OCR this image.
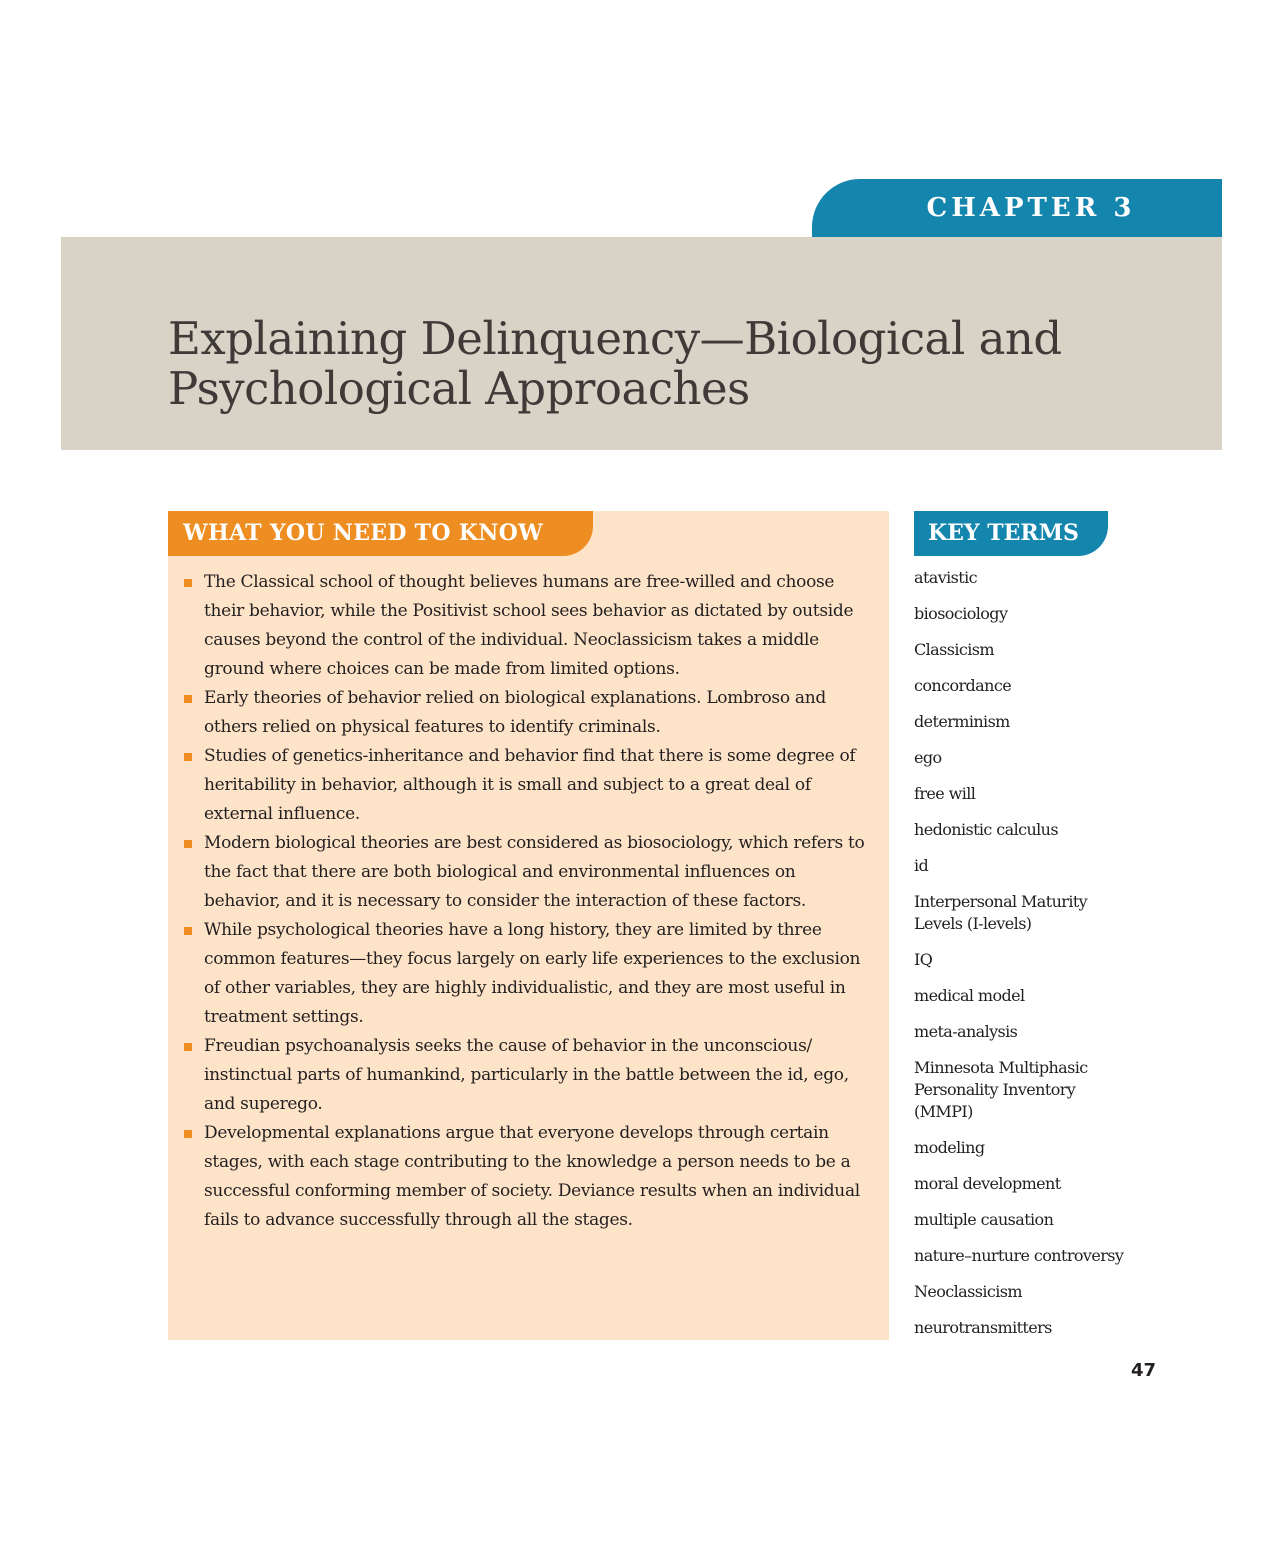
CHAPTER 3
Explaining Delinquency—Biological and
Psychological Approaches
WHAT YOU NEED TO KNOW
The Classical school of thought believes humans are free-willed and choose their behavior, while the Positivist school sees behavior as dictated by outside causes beyond the control of the individual. Neoclassicism takes a middle ground where choices can be made from limited options.
Early theories of behavior relied on biological explanations. Lombroso and others relied on physical features to identify criminals.
Studies of genetics-inheritance and behavior find that there is some degree of heritability in behavior, although it is small and subject to a great deal of external influence.
Modern biological theories are best considered as biosociology, which refers to the fact that there are both biological and environmental influences on behavior, and it is necessary to consider the interaction of these factors.
While psychological theories have a long history, they are limited by three common features—they focus largely on early life experiences to the exclusion of other variables, they are highly individualistic, and they are most useful in treatment settings.
Freudian psychoanalysis seeks the cause of behavior in the unconscious/ instinctual parts of humankind, particularly in the battle between the id, ego, and superego.
Developmental explanations argue that everyone develops through certain stages, with each stage contributing to the knowledge a person needs to be a successful conforming member of society. Deviance results when an individual fails to advance successfully through all the stages.
KEY TERMS
atavistic
biosociology
Classicism
concordance
determinism
ego
free will
hedonistic calculus
id
Interpersonal Maturity Levels (I-levels)
IQ
medical model
meta-analysis
Minnesota Multiphasic Personality Inventory (MMPI)
modeling
moral development
multiple causation
nature–nurture controversy
Neoclassicism
neurotransmitters
47
